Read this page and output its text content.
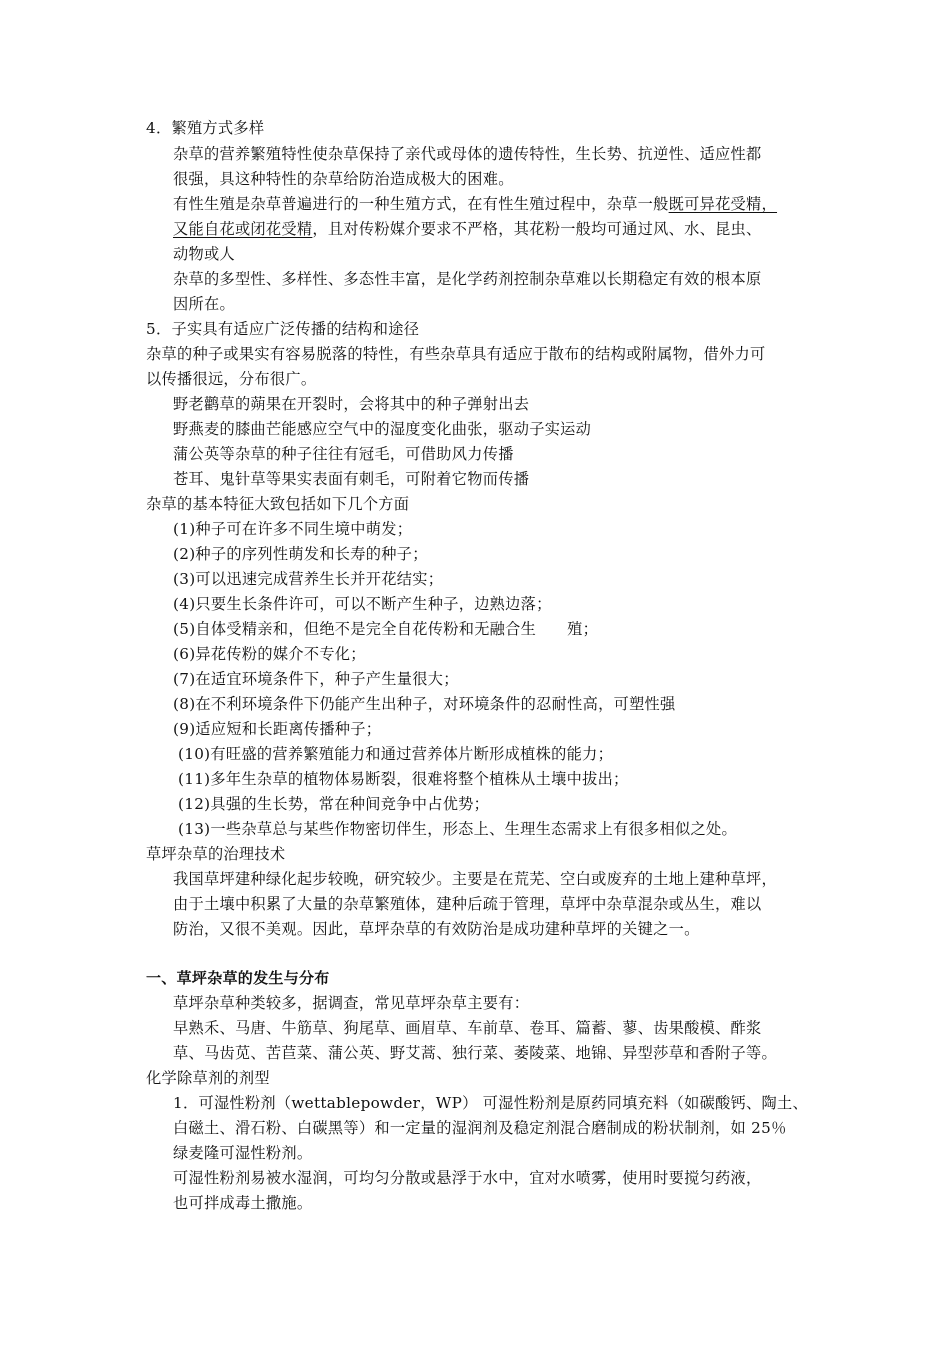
4．繁殖方式多样
杂草的营养繁殖特性使杂草保持了亲代或母体的遗传特性，生长势、抗逆性、适应性都
很强，具这种特性的杂草给防治造成极大的困难。
有性生殖是杂草普遍进行的一种生殖方式，在有性生殖过程中，杂草一般既可异花受精，
又能自花或闭花受精，且对传粉媒介要求不严格，其花粉一般均可通过风、水、昆虫、
动物或人
杂草的多型性、多样性、多态性丰富，是化学药剂控制杂草难以长期稳定有效的根本原
因所在。
5．子实具有适应广泛传播的结构和途径
杂草的种子或果实有容易脱落的特性，有些杂草具有适应于散布的结构或附属物，借外力可
以传播很远，分布很广。
野老鹳草的蒴果在开裂时，会将其中的种子弹射出去
野燕麦的膝曲芒能感应空气中的湿度变化曲张，驱动子实运动
蒲公英等杂草的种子往往有冠毛，可借助风力传播
苍耳、鬼针草等果实表面有刺毛，可附着它物而传播
杂草的基本特征大致包括如下几个方面
(1)种子可在许多不同生境中萌发；
(2)种子的序列性萌发和长寿的种子；
(3)可以迅速完成营养生长并开花结实；
(4)只要生长条件许可，可以不断产生种子，边熟边落；
(5)自体受精亲和，但绝不是完全自花传粉和无融合生　　殖；
(6)异花传粉的媒介不专化；
(7)在适宜环境条件下，种子产生量很大；
(8)在不利环境条件下仍能产生出种子，对环境条件的忍耐性高，可塑性强
(9)适应短和长距离传播种子；
(10)有旺盛的营养繁殖能力和通过营养体片断形成植株的能力；
(11)多年生杂草的植物体易断裂，很难将整个植株从土壤中拔出；
(12)具强的生长势，常在种间竞争中占优势；
(13)一些杂草总与某些作物密切伴生，形态上、生理生态需求上有很多相似之处。
草坪杂草的治理技术
我国草坪建种绿化起步较晚，研究较少。主要是在荒芜、空白或废弃的土地上建种草坪，
由于土壤中积累了大量的杂草繁殖体，建种后疏于管理，草坪中杂草混杂或丛生，难以
防治，又很不美观。因此，草坪杂草的有效防治是成功建种草坪的关键之一。
一、草坪杂草的发生与分布
草坪杂草种类较多，据调查，常见草坪杂草主要有：
早熟禾、马唐、牛筋草、狗尾草、画眉草、车前草、卷耳、篇蓄、蓼、齿果酸模、酢浆
草、马齿苋、苦苣菜、蒲公英、野艾蒿、独行菜、萎陵菜、地锦、异型莎草和香附子等。
化学除草剂的剂型
1．可湿性粉剂（wettablepowder，WP） 可湿性粉剂是原药同填充料（如碳酸钙、陶土、
白磁土、滑石粉、白碳黑等）和一定量的湿润剂及稳定剂混合磨制成的粉状制剂，如 25％
绿麦隆可湿性粉剂。
可湿性粉剂易被水湿润，可均匀分散或悬浮于水中，宜对水喷雾，使用时要搅匀药液，
也可拌成毒土撒施。
